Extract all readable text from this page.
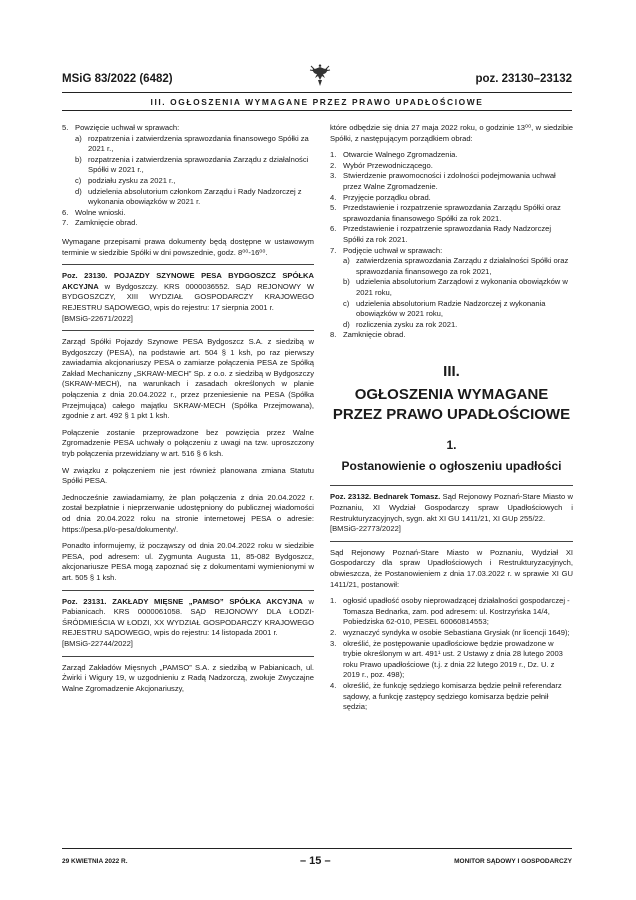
MSiG 83/2022 (6482)	poz. 23130–23132
III. OGŁOSZENIA WYMAGANE PRZEZ PRAWO UPADŁOŚCIOWE
5. Powzięcie uchwał w sprawach:
a) rozpatrzenia i zatwierdzenia sprawozdania finansowego Spółki za 2021 r.,
b) rozpatrzenia i zatwierdzenia sprawozdania Zarządu z działalności Spółki w 2021 r.,
c) podziału zysku za 2021 r.,
d) udzielenia absolutorium członkom Zarządu i Rady Nadzorczej z wykonania obowiązków w 2021 r.
6. Wolne wnioski.
7. Zamknięcie obrad.

Wymagane przepisami prawa dokumenty będą dostępne w ustawowym terminie w siedzibie Spółki w dni powszednie, godz. 8⁰⁰-16⁰⁰.

Poz. 23130. POJAZDY SZYNOWE PESA BYDGOSZCZ SPÓŁKA AKCYJNA w Bydgoszczy. KRS 0000036552. SĄD REJONOWY W BYDGOSZCZY, XIII WYDZIAŁ GOSPODARCZY KRAJOWEGO REJESTRU SĄDOWEGO, wpis do rejestru: 17 sierpnia 2001 r.
[BMSiG-22671/2022]

Zarząd Spółki Pojazdy Szynowe PESA Bydgoszcz S.A. z siedzibą w Bydgoszczy (PESA), na podstawie art. 504 § 1 ksh, po raz pierwszy zawiadamia akcjonariuszy PESA o zamiarze połączenia PESA ze Spółką Zakład Mechaniczny „SKRAW-MECH” Sp. z o.o. z siedzibą w Bydgoszczy (SKRAW-MECH), na warunkach i zasadach określonych w planie połączenia z dnia 20.04.2022 r., przez przeniesienie na PESA (Spółka Przejmująca) całego majątku SKRAW-MECH (Spółka Przejmowana), zgodnie z art. 492 § 1 pkt 1 ksh.

Połączenie zostanie przeprowadzone bez powzięcia przez Walne Zgromadzenie PESA uchwały o połączeniu z uwagi na tzw. uproszczony tryb połączenia przewidziany w art. 516 § 6 ksh.

W związku z połączeniem nie jest również planowana zmiana Statutu Spółki PESA.

Jednocześnie zawiadamiamy, że plan połączenia z dnia 20.04.2022 r. został bezpłatnie i nieprzerwanie udostępniony do publicznej wiadomości od dnia 20.04.2022 roku na stronie internetowej PESA o adresie: https://pesa.pl/o-pesa/dokumenty/.

Ponadto informujemy, iż począwszy od dnia 20.04.2022 roku w siedzibie PESA, pod adresem: ul. Zygmunta Augusta 11, 85-082 Bydgoszcz, akcjonariusze PESA mogą zapoznać się z dokumentami wymienionymi w art. 505 § 1 ksh.

Poz. 23131. ZAKŁADY MIĘSNE „PAMSO” SPÓŁKA AKCYJNA w Pabianicach. KRS 0000061058. SĄD REJONOWY DLA ŁODZI-ŚRÓDMIEŚCIA W ŁODZI, XX WYDZIAŁ GOSPODARCZY KRAJOWEGO REJESTRU SĄDOWEGO, wpis do rejestru: 14 listopada 2001 r.
[BMSiG-22744/2022]

Zarząd Zakładów Mięsnych „PAMSO” S.A. z siedzibą w Pabianicach, ul. Żwirki i Wigury 19, w uzgodnieniu z Radą Nadzorczą, zwołuje Zwyczajne Walne Zgromadzenie Akcjonariuszy,

które odbędzie się dnia 27 maja 2022 roku, o godzinie 13⁰⁰, w siedzibie Spółki, z następującym porządkiem obrad:

1. Otwarcie Walnego Zgromadzenia.
2. Wybór Przewodniczącego.
3. Stwierdzenie prawomocności i zdolności podejmowania uchwał przez Walne Zgromadzenie.
4. Przyjęcie porządku obrad.
5. Przedstawienie i rozpatrzenie sprawozdania Zarządu Spółki oraz sprawozdania finansowego Spółki za rok 2021.
6. Przedstawienie i rozpatrzenie sprawozdania Rady Nadzorczej Spółki za rok 2021.
7. Podjęcie uchwał w sprawach:
a) zatwierdzenia sprawozdania Zarządu z działalności Spółki oraz sprawozdania finansowego za rok 2021,
b) udzielenia absolutorium Zarządowi z wykonania obowiązków w 2021 roku,
c) udzielenia absolutorium Radzie Nadzorczej z wykonania obowiązków w 2021 roku,
d) rozliczenia zysku za rok 2021.
8. Zamknięcie obrad.
III.
OGŁOSZENIA WYMAGANE PRZEZ PRAWO UPADŁOŚCIOWE
1.
Postanowienie o ogłoszeniu upadłości

Poz. 23132. Bednarek Tomasz. Sąd Rejonowy Poznań-Stare Miasto w Poznaniu, XI Wydział Gospodarczy spraw Upadłościowych i Restrukturyzacyjnych, sygn. akt XI GU 1411/21, XI GUp 255/22.
[BMSiG-22773/2022]

Sąd Rejonowy Poznań-Stare Miasto w Poznaniu, Wydział XI Gospodarczy dla spraw Upadłościowych i Restrukturyzacyjnych, obwieszcza, że Postanowieniem z dnia 17.03.2022 r. w sprawie XI GU 1411/21, postanowił:

1. ogłosić upadłość osoby nieprowadzącej działalności gospodarczej - Tomasza Bednarka, zam. pod adresem: ul. Kostrzyńska 14/4, Pobiedziska 62-010, PESEL 60060814553;
2. wyznaczyć syndyka w osobie Sebastiana Grysiak (nr licencji 1649);
3. określić, że postępowanie upadłościowe będzie prowadzone w trybie określonym w art. 491¹ ust. 2 Ustawy z dnia 28 lutego 2003 roku Prawo upadłościowe (t.j. z dnia 22 lutego 2019 r., Dz. U. z 2019 r., poz. 498);
4. określić, że funkcję sędziego komisarza będzie pełnił referendarz sądowy, a funkcję zastępcy sędziego komisarza będzie pełnił sędzia;
29 KWIETNIA 2022 R.	– 15 –	MONITOR SĄDOWY I GOSPODARCZY
